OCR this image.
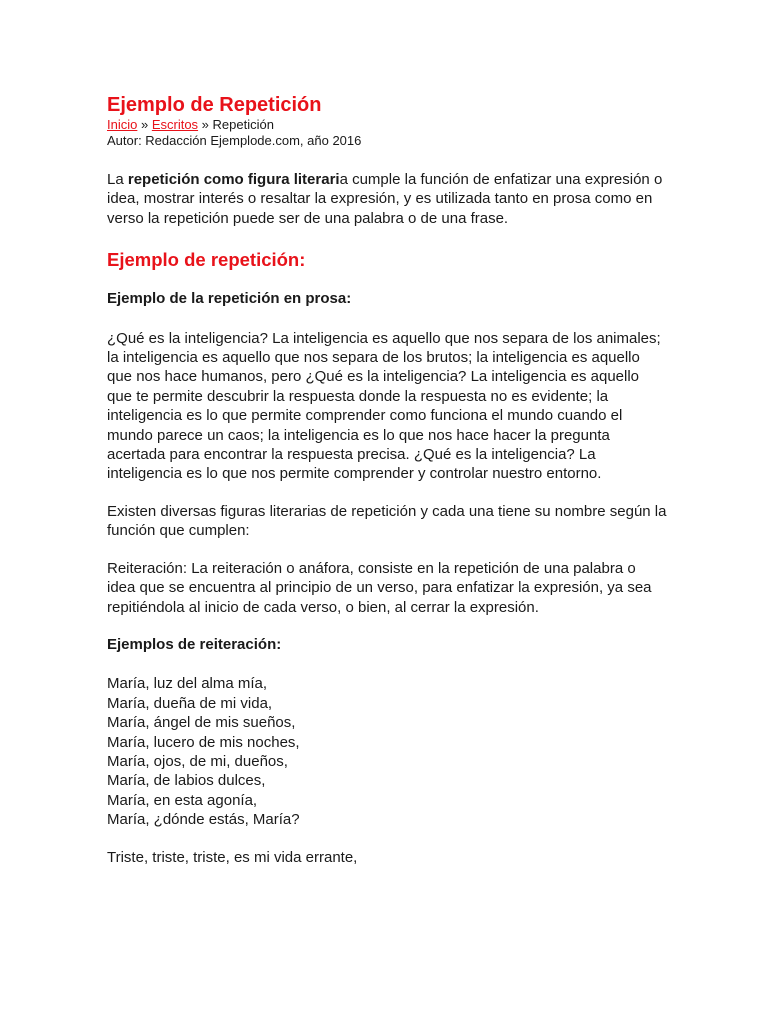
Ejemplo de Repetición
Inicio » Escritos » Repetición
Autor: Redacción Ejemplode.com, año 2016

La repetición como figura literaria cumple la función de enfatizar una expresión o idea, mostrar interés o resaltar la expresión, y es utilizada tanto en prosa como en verso la repetición puede ser de una palabra o de una frase.

Ejemplo de repetición:
Ejemplo de la repetición en prosa:

¿Qué es la inteligencia? La inteligencia es aquello que nos separa de los animales; la inteligencia es aquello que nos separa de los brutos; la inteligencia es aquello que nos hace humanos, pero ¿Qué es la inteligencia? La inteligencia es aquello que te permite descubrir la respuesta donde la respuesta no es evidente; la inteligencia es lo que permite comprender como funciona el mundo cuando el mundo parece un caos; la inteligencia es lo que nos hace hacer la pregunta acertada para encontrar la respuesta precisa. ¿Qué es la inteligencia? La inteligencia es lo que nos permite comprender y controlar nuestro entorno.

Existen diversas figuras literarias de repetición y cada una tiene su nombre según la función que cumplen:

Reiteración: La reiteración o anáfora, consiste en la repetición de una palabra o idea que se encuentra al principio de un verso, para enfatizar la expresión, ya sea repitiéndola al inicio de cada verso, o bien, al cerrar la expresión.

Ejemplos de reiteración:
María, luz del alma mía,
María, dueña de mi vida,
María, ángel de mis sueños,
María, lucero de mis noches,
María, ojos, de mi, dueños,
María, de labios dulces,
María, en esta agonía,
María, ¿dónde estás, María?

Triste, triste, triste, es mi vida errante,
